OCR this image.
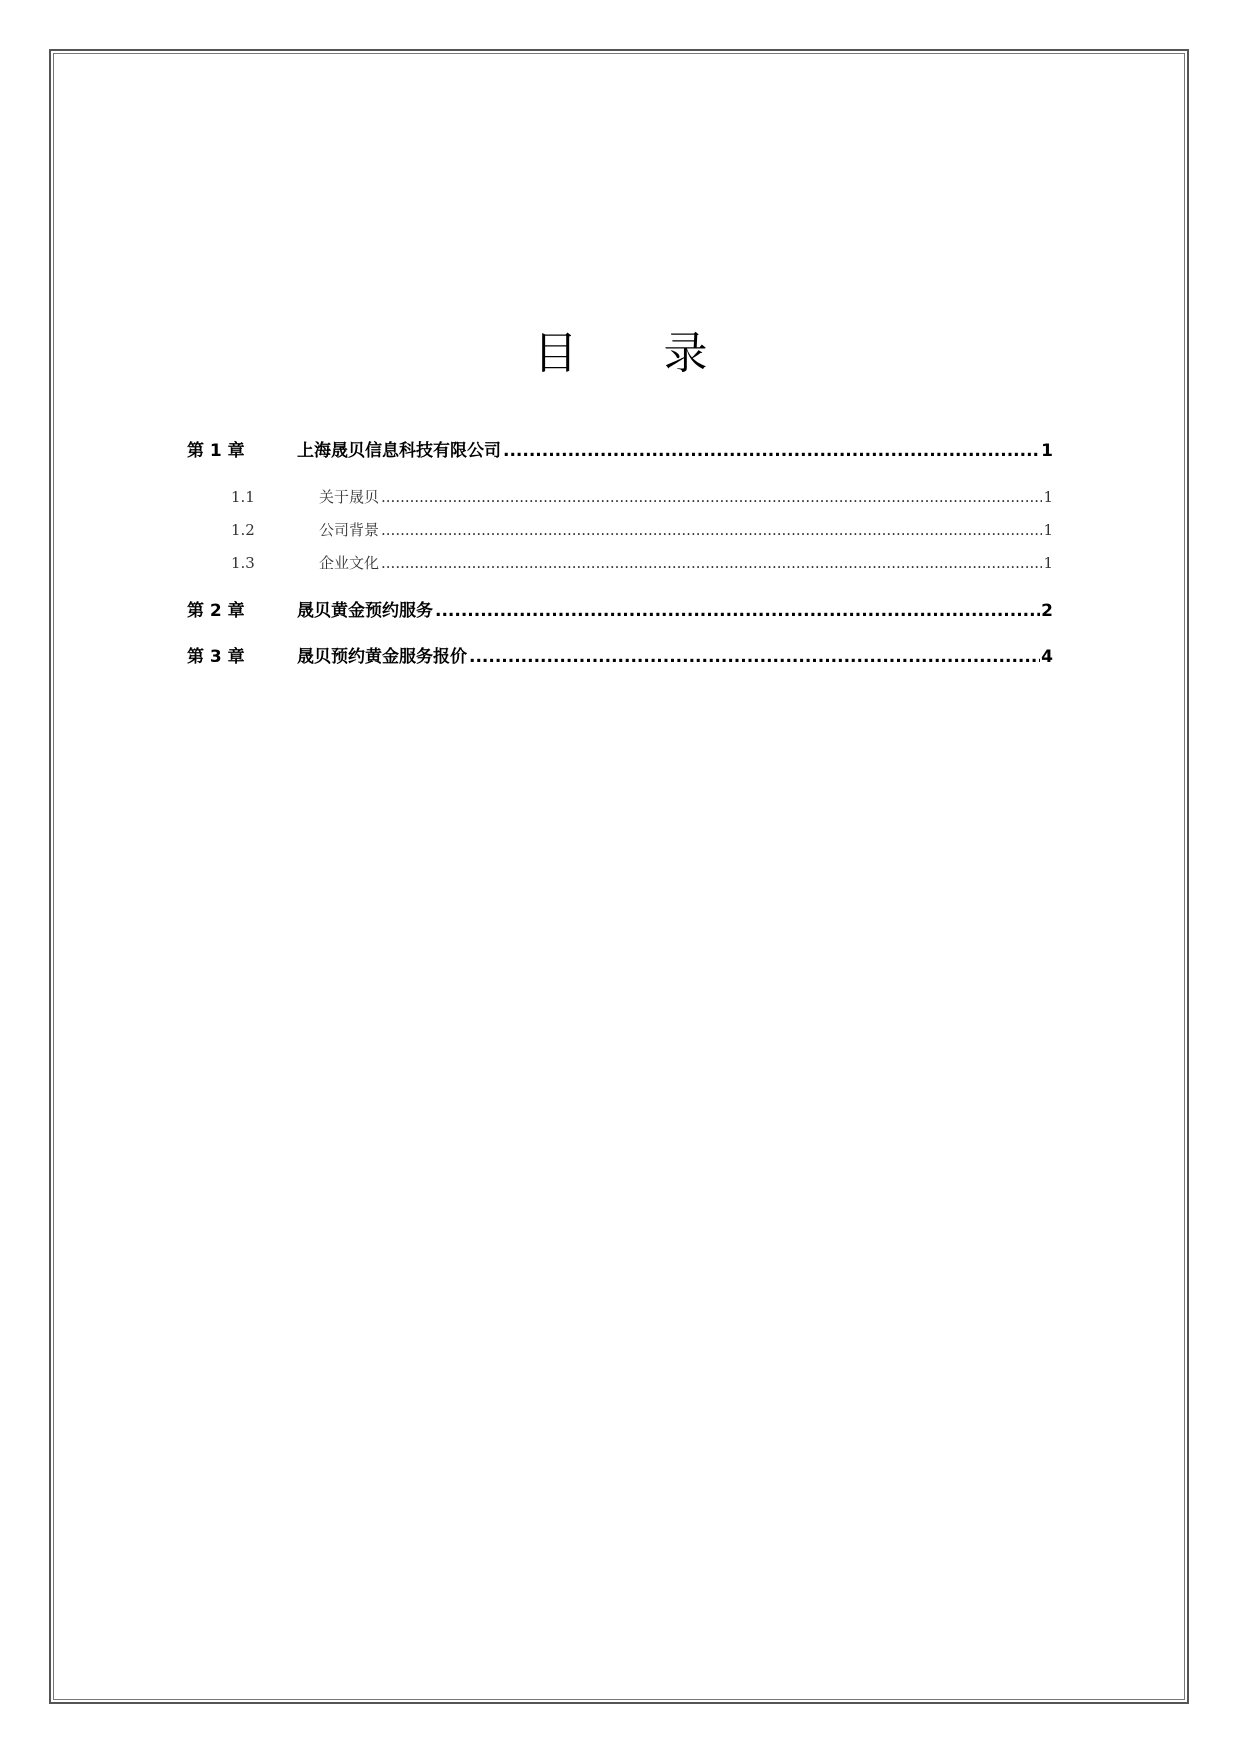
目 录
第 1 章	上海晟贝信息科技有限公司 .....	1
1.1	关于晟贝 .....	1
1.2	公司背景 .....	1
1.3	企业文化 .....	1
第 2 章	晟贝黄金预约服务 .....	2
第 3 章	晟贝预约黄金服务报价 .....	4
